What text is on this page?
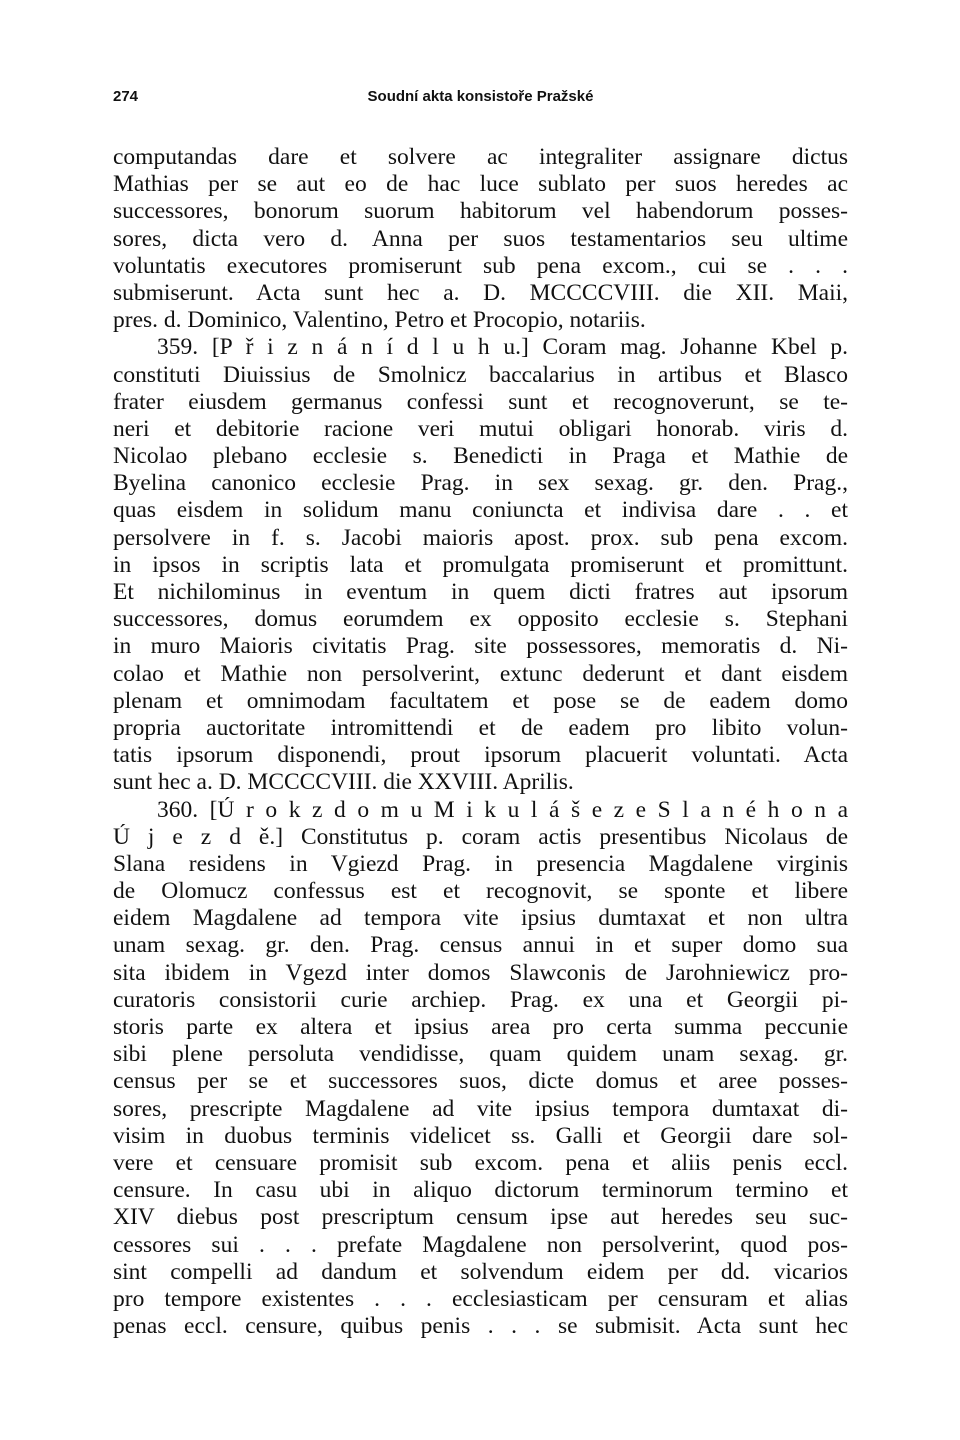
274	Soudní akta konsistoře Pražské
computandas dare et solvere ac integraliter assignare dictus
Mathias per se aut eo de hac luce sublato per suos heredes ac
successores, bonorum suorum habitorum vel habendorum posses-
sores, dicta vero d. Anna per suos testamentarios seu ultime
voluntatis executores promiserunt sub pena excom., cui se . . .
submiserunt. Acta sunt hec a. D. MCCCCVIII. die XII. Maii,
pres. d. Dominico, Valentino, Petro et Procopio, notariis.
359. [P ř i z n á n í d l u h u.] Coram mag. Johanne Kbel p.
constituti Diuissius de Smolnicz baccalarius in artibus et Blasco
frater eiusdem germanus confessi sunt et recognoverunt, se te-
neri et debitorie racione veri mutui obligari honorab. viris d.
Nicolao plebano ecclesie s. Benedicti in Praga et Mathie de
Byelina canonico ecclesie Prag. in sex sexag. gr. den. Prag.,
quas eisdem in solidum manu coniuncta et indivisa dare . . et
persolvere in f. s. Jacobi maioris apost. prox. sub pena excom.
in ipsos in scriptis lata et promulgata promiserunt et promittunt.
Et nichilominus in eventum in quem dicti fratres aut ipsorum
successores, domus eorumdem ex opposito ecclesie s. Stephani
in muro Maioris civitatis Prag. site possessores, memoratis d. Ni-
colao et Mathie non persolverint, extunc dederunt et dant eisdem
plenam et omnimodam facultatem et pose se de eadem domo
propria auctoritate intromittendi et de eadem pro libito volun-
tatis ipsorum disponendi, prout ipsorum placuerit voluntati. Acta
sunt hec a. D. MCCCCVIII. die XXVIII. Aprilis.
360. [Ú r o k z d o m u M i k u l á š e z e S l a n é h o n a
Ú j e z d ě.] Constitutus p. coram actis presentibus Nicolaus de
Slana residens in Vgiezd Prag. in presencia Magdalene virginis
de Olomucz confessus est et recognovit, se sponte et libere
eidem Magdalene ad tempora vite ipsius dumtaxat et non ultra
unam sexag. gr. den. Prag. census annui in et super domo sua
sita ibidem in Vgezd inter domos Slawconis de Jarohniewicz pro-
curatoris consistorii curie archiep. Prag. ex una et Georgii pi-
storis parte ex altera et ipsius area pro certa summa peccunie
sibi plene persoluta vendidisse, quam quidem unam sexag. gr.
census per se et successores suos, dicte domus et aree posses-
sores, prescripte Magdalene ad vite ipsius tempora dumtaxat di-
visim in duobus terminis videlicet ss. Galli et Georgii dare sol-
vere et censuare promisit sub excom. pena et aliis penis eccl.
censure. In casu ubi in aliquo dictorum terminorum termino et
XIV diebus post prescriptum censum ipse aut heredes seu suc-
cessores sui . . . prefate Magdalene non persolverint, quod pos-
sint compelli ad dandum et solvendum eidem per dd. vicarios
pro tempore existentes . . . ecclesiasticam per censuram et alias
penas eccl. censure, quibus penis . . . se submisit. Acta sunt hec
